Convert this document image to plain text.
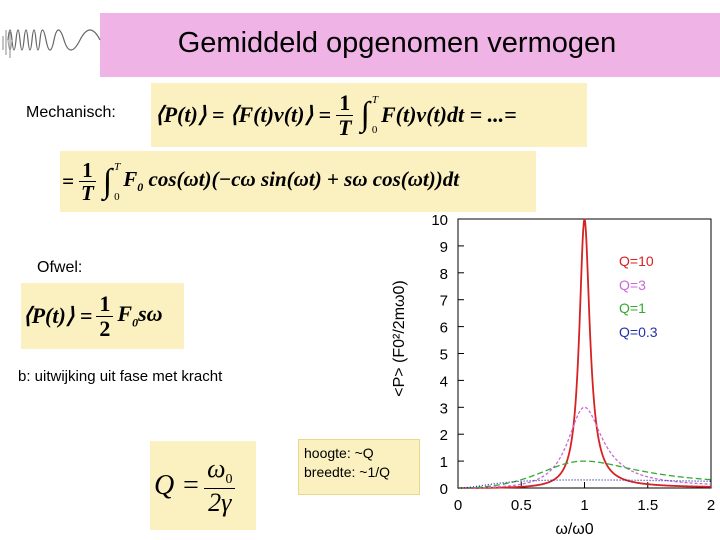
Gemiddeld opgenomen vermogen
Mechanisch: ⟨P(t)⟩ = ⟨F(t)v(t)⟩ = $\frac{1}{T}$ ∫ T
0
F(t)v(t)dt = ...=
= $\frac{1}{T}$ ∫ T
0
$F_0$ cos(ωt)(−cω sin(ωt) + sω cos(ωt))dt
Ofwel:
⟨P(t)⟩ = $\frac{1}{2} F_0s\omega$
b: uitwijking uit fase met kracht
$Q = \frac{\omega_0}{2\gamma}$
hoogte: ~Q
breedte: ~1/Q
0
1
2
3
4
5
6
7
8
9
10
0	0.5	1	1.5	2
ω/ω0
<P> (F0²/2mω0)
Q=10
Q=3
Q=1
Q=0.3
